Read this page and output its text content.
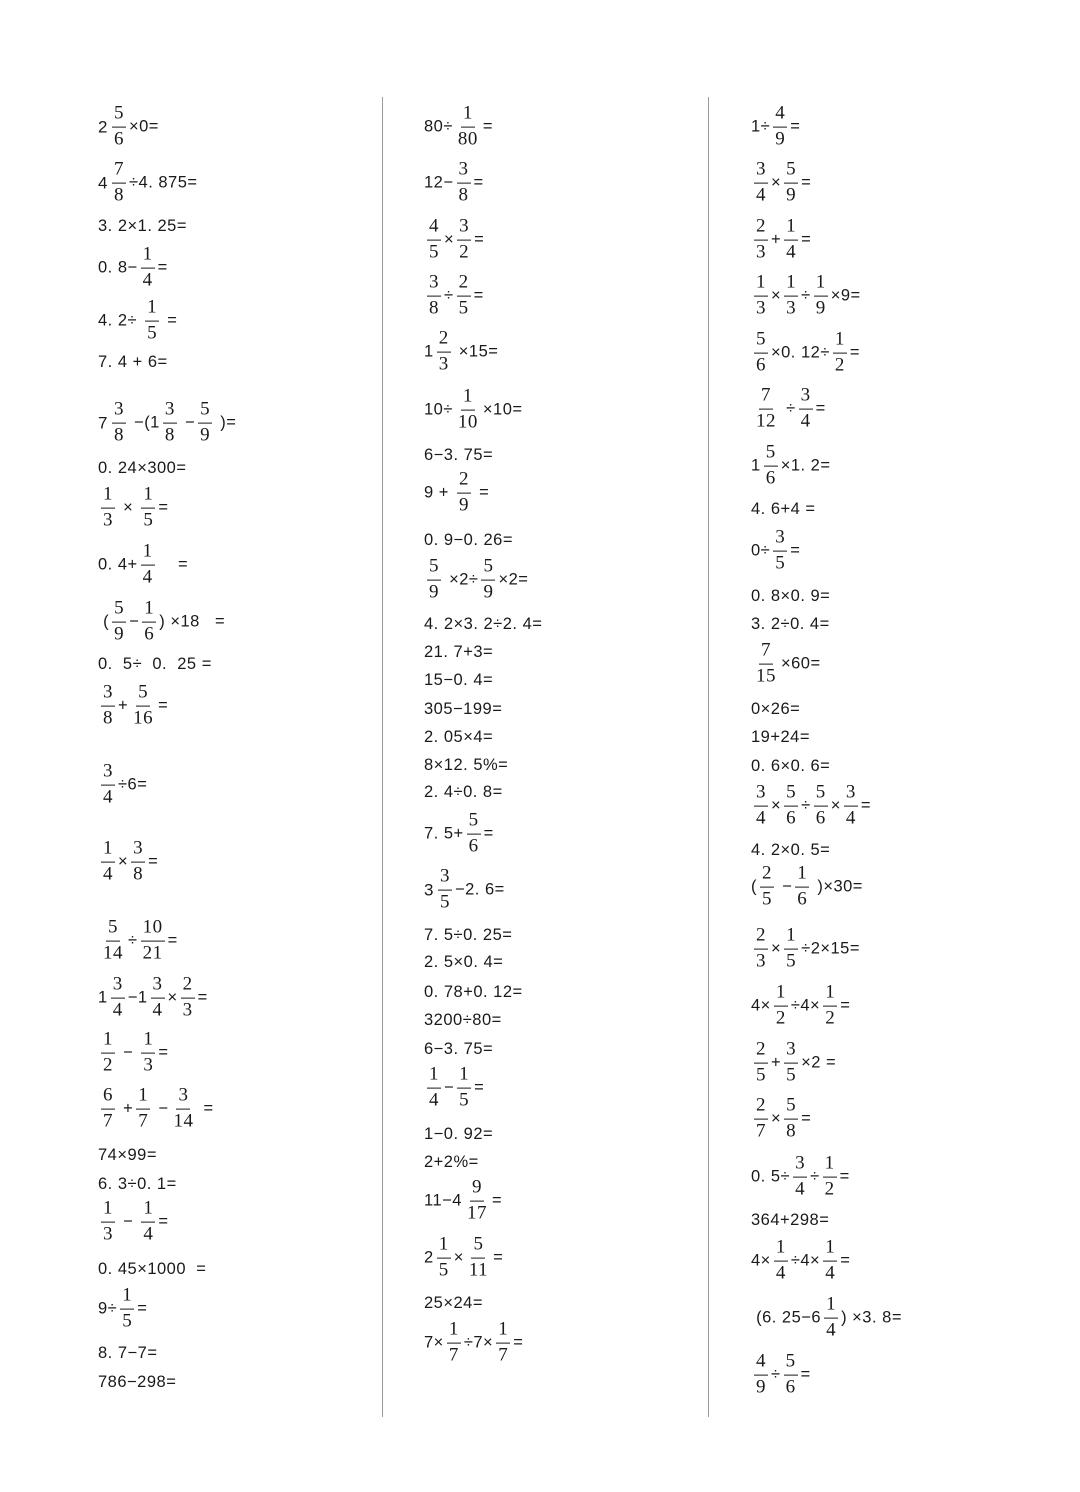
$2 \frac{5}{6} \times 0=$
$4 \frac{7}{8} \div 4$. 875=
3. 2×1. 25=
0. $8- \frac{1}{4}$ =
4. $2\div \frac{1}{5}$ =
7. 4 + 6=
$7 \frac{3}{8} -(1 \frac{3}{8} - \frac{5}{9}$ )=
0. 24×300=
$\frac{1}{3} \times \frac{1}{5}$ =
0. $4+ \frac{1}{4}$ =
( $\frac{5}{9} - \frac{1}{6}$ ) ×18   =
0.  5÷  0.  25 =
$\frac{3}{8} + \frac{5}{16}$ =
$\frac{3}{4} \div 6=$
$\frac{1}{4} \times \frac{3}{8}$ =
$\frac{5}{14} \div \frac{10}{21}$ =
$1 \frac{3}{4} -1 \frac{3}{4} \times \frac{2}{3}$ =
$\frac{1}{2} - \frac{1}{3}$ =
$\frac{6}{7} + \frac{1}{7} - \frac{3}{14}$ =
74×99=
6. 3÷0. 1=
$\frac{1}{3} - \frac{1}{4}$ =
0. 45×1000  =
$9\div \frac{1}{5}$ =
8. 7−7=
786−298=
$80\div \frac{1}{80}$ =
$12- \frac{3}{8}$ =
$\frac{4}{5} \times \frac{3}{2}$ =
$\frac{3}{8} \div \frac{2}{5}$ =
$1 \frac{2}{3} \times 15=$
$10\div \frac{1}{10} \times 10=$
6−3. 75=
$9 + \frac{2}{9}$ =
0. 9−0. 26=
$\frac{5}{9} \times 2\div \frac{5}{9} \times 2=$
4. 2×3. 2÷2. 4=
21. 7+3=
15−0. 4=
305−199=
2. 05×4=
8×12. 5%=
2. 4÷0. 8=
7. $5+ \frac{5}{6}$ =
$3 \frac{3}{5} -2$. 6=
7. 5÷0. 25=
2. 5×0. 4=
0. 78+0. 12=
3200÷80=
6−3. 75=
$\frac{1}{4} - \frac{1}{5}$ =
1−0. 92=
2+2%=
$11-4 \frac{9}{17}$ =
$2 \frac{1}{5} \times \frac{5}{11}$ =
25×24=
$7\times \frac{1}{7} \div 7\times \frac{1}{7}$ =
$1\div \frac{4}{9}$ =
$\frac{3}{4} \times \frac{5}{9}$ =
$\frac{2}{3} + \frac{1}{4}$ =
$\frac{1}{3} \times \frac{1}{3} \div \frac{1}{9} \times 9=$
$\frac{5}{6} \times 0$. $12\div \frac{1}{2}$ =
$\frac{7}{12} \div \frac{3}{4}$ =
$1 \frac{5}{6} \times 1$. 2=
4. 6+4 =
$0\div \frac{3}{5}$ =
0. 8×0. 9=
3. 2÷0. 4=
$\frac{7}{15} \times 60=$
0×26=
19+24=
0. 6×0. 6=
$\frac{3}{4} \times \frac{5}{6} \div \frac{5}{6} \times \frac{3}{4}$ =
4. 2×0. 5=
( $\frac{2}{5} - \frac{1}{6} )\times 30=$
$\frac{2}{3} \times \frac{1}{5} \div 2\times 15=$
$4\times \frac{1}{2} \div 4\times \frac{1}{2}$ =
$\frac{2}{5} + \frac{3}{5} \times 2$ =
$\frac{2}{7} \times \frac{5}{8}$ =
0. $5\div \frac{3}{4} \div \frac{1}{2}$ =
364+298=
$4\times \frac{1}{4} \div 4\times \frac{1}{4}$ =
(6. $25-6 \frac{1}{4}$ ) ×3. 8=
$\frac{4}{9} \div \frac{5}{6}$ =
